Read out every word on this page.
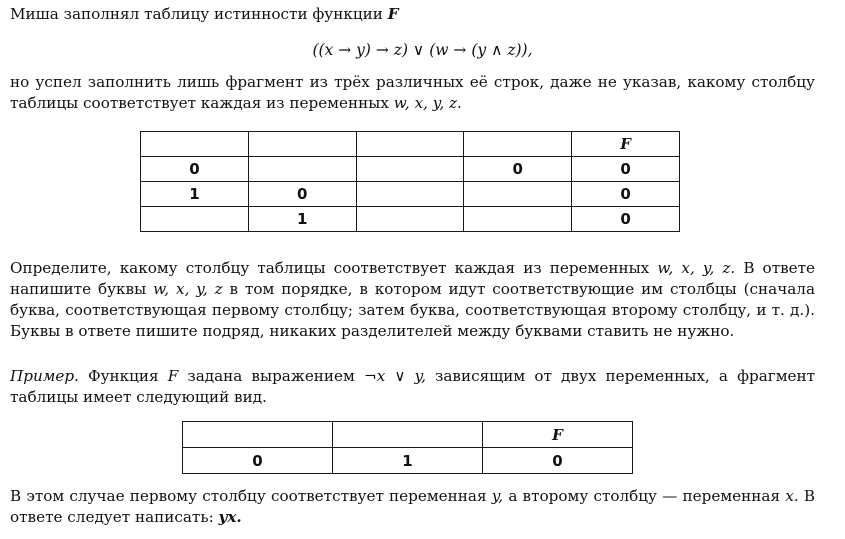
Миша заполнял таблицу истинности функции F

((x → y) → z) ∨ (w → (y ∧ z)),

но успел заполнить лишь фрагмент из трёх различных её строк, даже не указав, какому столбцу таблицы соответствует каждая из переменных w, x, y, z.

				F
0			0	0
1	0			0
	1			0

Определите, какому столбцу таблицы соответствует каждая из переменных w, x, y, z. В ответе напишите буквы w, x, y, z в том порядке, в котором идут соответствующие им столбцы (сначала буква, соответствующая первому столбцу; затем буква, соответствующая второму столбцу, и т. д.). Буквы в ответе пишите подряд, никаких разделителей между буквами ставить не нужно.

Пример. Функция F задана выражением ¬x ∨ y, зависящим от двух переменных, а фрагмент таблицы имеет следующий вид.

		F
0	1	0

В этом случае первому столбцу соответствует переменная y, а второму столбцу — переменная x. В ответе следует написать: yx.
